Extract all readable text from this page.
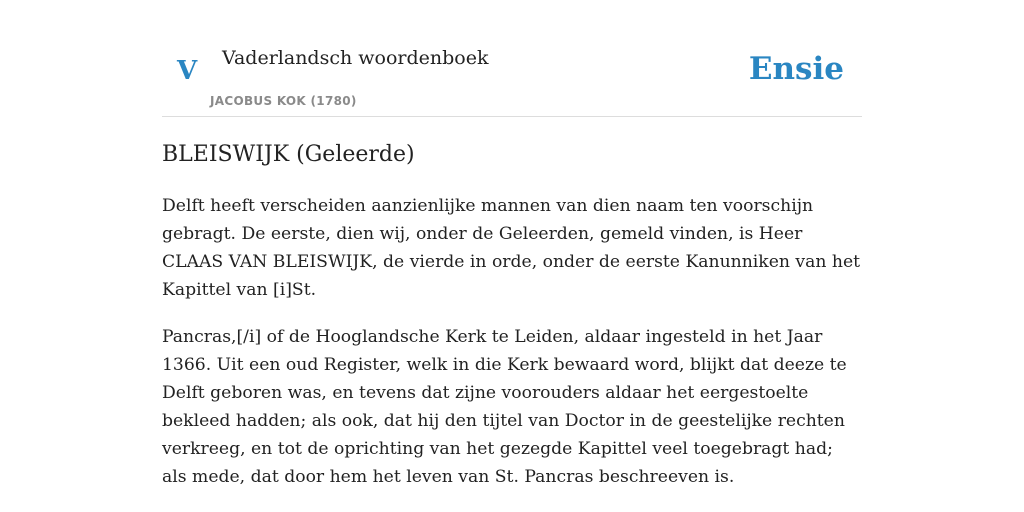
V Vaderlandsch woordenboek
JACOBUS KOK (1780)
Ensie
BLEISWIJK (Geleerde)

Delft heeft verscheiden aanzienlijke mannen van dien naam ten voorschijn gebragt. De eerste, dien wij, onder de Geleerden, gemeld vinden, is Heer CLAAS VAN BLEISWIJK, de vierde in orde, onder de eerste Kanunniken van het Kapittel van [i]St.

Pancras,[/i] of de Hooglandsche Kerk te Leiden, aldaar ingesteld in het Jaar 1366. Uit een oud Register, welk in die Kerk bewaard word, blijkt dat deeze te Delft geboren was, en tevens dat zijne voorouders aldaar het eergestoelte bekleed hadden; als ook, dat hij den tijtel van Doctor in de geestelijke rechten verkreeg, en tot de oprichting van het gezegde Kapittel veel toegebragt had; als mede, dat door hem het leven van St. Pancras beschreeven is.
